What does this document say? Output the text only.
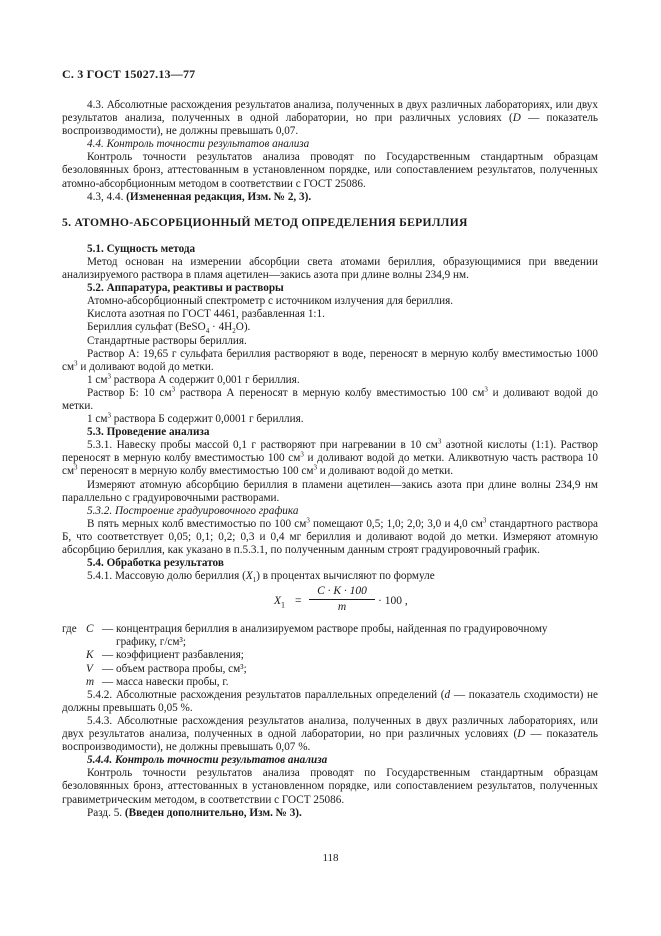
С. 3 ГОСТ 15027.13—77

4.3. Абсолютные расхождения результатов анализа, полученных в двух различных лабораториях, или двух результатов анализа, полученных в одной лаборатории, но при различных условиях (D — показатель воспроизводимости), не должны превышать 0,07.

4.4. Контроль точности результатов анализа

Контроль точности результатов анализа проводят по Государственным стандартным образцам безоловянных бронз, аттестованным в установленном порядке, или сопоставлением результатов, полученных атомно-абсорбционным методом в соответствии с ГОСТ 25086.

4.3, 4.4. (Измененная редакция, Изм. № 2, 3).

5. АТОМНО-АБСОРБЦИОННЫЙ МЕТОД ОПРЕДЕЛЕНИЯ БЕРИЛЛИЯ

5.1. Сущность метода

Метод основан на измерении абсорбции света атомами бериллия, образующимися при введении анализируемого раствора в пламя ацетилен—закись азота при длине волны 234,9 нм.

5.2. Аппаратура, реактивы и растворы

Атомно-абсорбционный спектрометр с источником излучения для бериллия.

Кислота азотная по ГОСТ 4461, разбавленная 1:1.

Бериллия сульфат (BeSO$_4$ · $4H_2O$).

Стандартные растворы бериллия.

Раствор А: 19,65 г сульфата бериллия растворяют в воде, переносят в мерную колбу вместимостью 1000 $см^3$ и доливают водой до метки.

1 $см^3$ раствора А содержит 0,001 г бериллия.

Раствор Б: 10 $см^3$ раствора А переносят в мерную колбу вместимостью 100 $см^3$ и доливают водой до метки.

1 $см^3$ раствора Б содержит 0,0001 г бериллия.

5.3. Проведение анализа

5.3.1. Навеску пробы массой 0,1 г растворяют при нагревании в 10 $см^3$ азотной кислоты (1:1). Раствор переносят в мерную колбу вместимостью 100 $см^3$ и доливают водой до метки. Аликвотную часть раствора 10 $см^3$ переносят в мерную колбу вместимостью 100 $см^3$ и доливают водой до метки.

Измеряют атомную абсорбцию бериллия в пламени ацетилен—закись азота при длине волны 234,9 нм параллельно с градуировочными растворами.

5.3.2. Построение градуировочного графика

В пять мерных колб вместимостью по 100 $см^3$ помещают 0,5; 1,0; 2,0; 3,0 и 4,0 $см^3$ стандартного раствора Б, что соответствует 0,05; 0,1; 0,2; 0,3 и 0,4 мг бериллия и доливают водой до метки. Измеряют атомную абсорбцию бериллия, как указано в п.5.3.1, по полученным данным строят градуировочный график.

5.4. Обработка результатов

5.4.1. Массовую долю бериллия $(X_1)$ в процентах вычисляют по формуле

$X_1 = \frac{C \cdot K \cdot 100}{m} \cdot 100$ ,
где C — концентрация бериллия в анализируемом растворе пробы, найденная по градуировочному
графику, г/см³;
K — коэффициент разбавления;
V — объем раствора пробы, см³;
m — масса навески пробы, г.

5.4.2. Абсолютные расхождения результатов параллельных определений (d — показатель сходимости) не должны превышать 0,05 %.

5.4.3. Абсолютные расхождения результатов анализа, полученных в двух различных лабораториях, или двух результатов анализа, полученных в одной лаборатории, но при различных условиях (D — показатель воспроизводимости), не должны превышать 0,07 %.

5.4.4. Контроль точности результатов анализа

Контроль точности результатов анализа проводят по Государственным стандартным образцам безоловянных бронз, аттестованных в установленном порядке, или сопоставлением результатов, полученных гравиметрическим методом, в соответствии с ГОСТ 25086.

Разд. 5. (Введен дополнительно, Изм. № 3).

118
